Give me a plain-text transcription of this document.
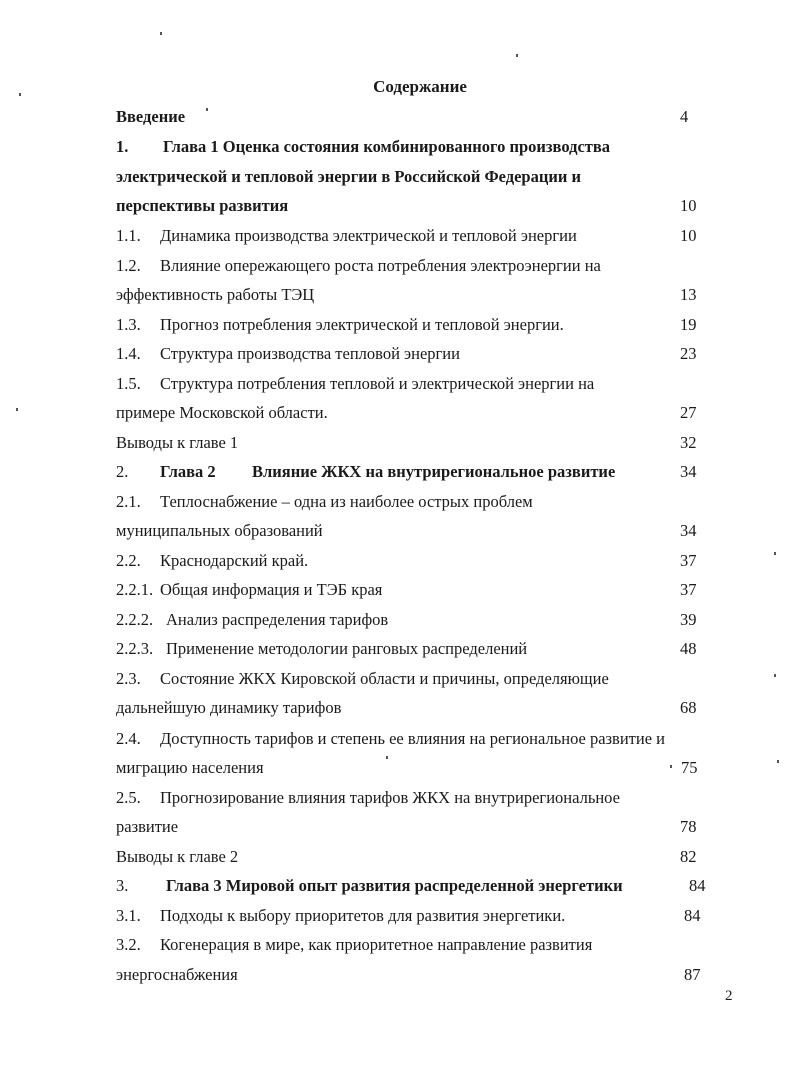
Содержание
Введение	4
1. Глава 1 Оценка состояния комбинированного производства
электрической и тепловой энергии в Российской Федерации и
перспективы развития	10
1.1. Динамика производства электрической и тепловой энергии	10
1.2. Влияние опережающего роста потребления электроэнергии на
эффективность работы ТЭЦ	13
1.3. Прогноз потребления электрической и тепловой энергии.	19
1.4. Структура производства тепловой энергии	23
1.5. Структура потребления тепловой и электрической энергии на
примере Московской области.	27
Выводы к главе 1	32
2. Глава 2 Влияние ЖКХ на внутрирегиональное развитие	34
2.1. Теплоснабжение – одна из наиболее острых проблем
муниципальных образований	34
2.2. Краснодарский край.	37
2.2.1. Общая информация и ТЭБ края	37
2.2.2. Анализ распределения тарифов	39
2.2.3. Применение методологии ранговых распределений	48
2.3. Состояние ЖКХ Кировской области и причины, определяющие
дальнейшую динамику тарифов	68
2.4. Доступность тарифов и степень ее влияния на региональное развитие и
миграцию населения	75
2.5. Прогнозирование влияния тарифов ЖКХ на внутрирегиональное
развитие	78
Выводы к главе 2	82
3. Глава 3 Мировой опыт развития распределенной энергетики	84
3.1. Подходы к выбору приоритетов для развития энергетики.	84
3.2. Когенерация в мире, как приоритетное направление развития
энергоснабжения	87
2
